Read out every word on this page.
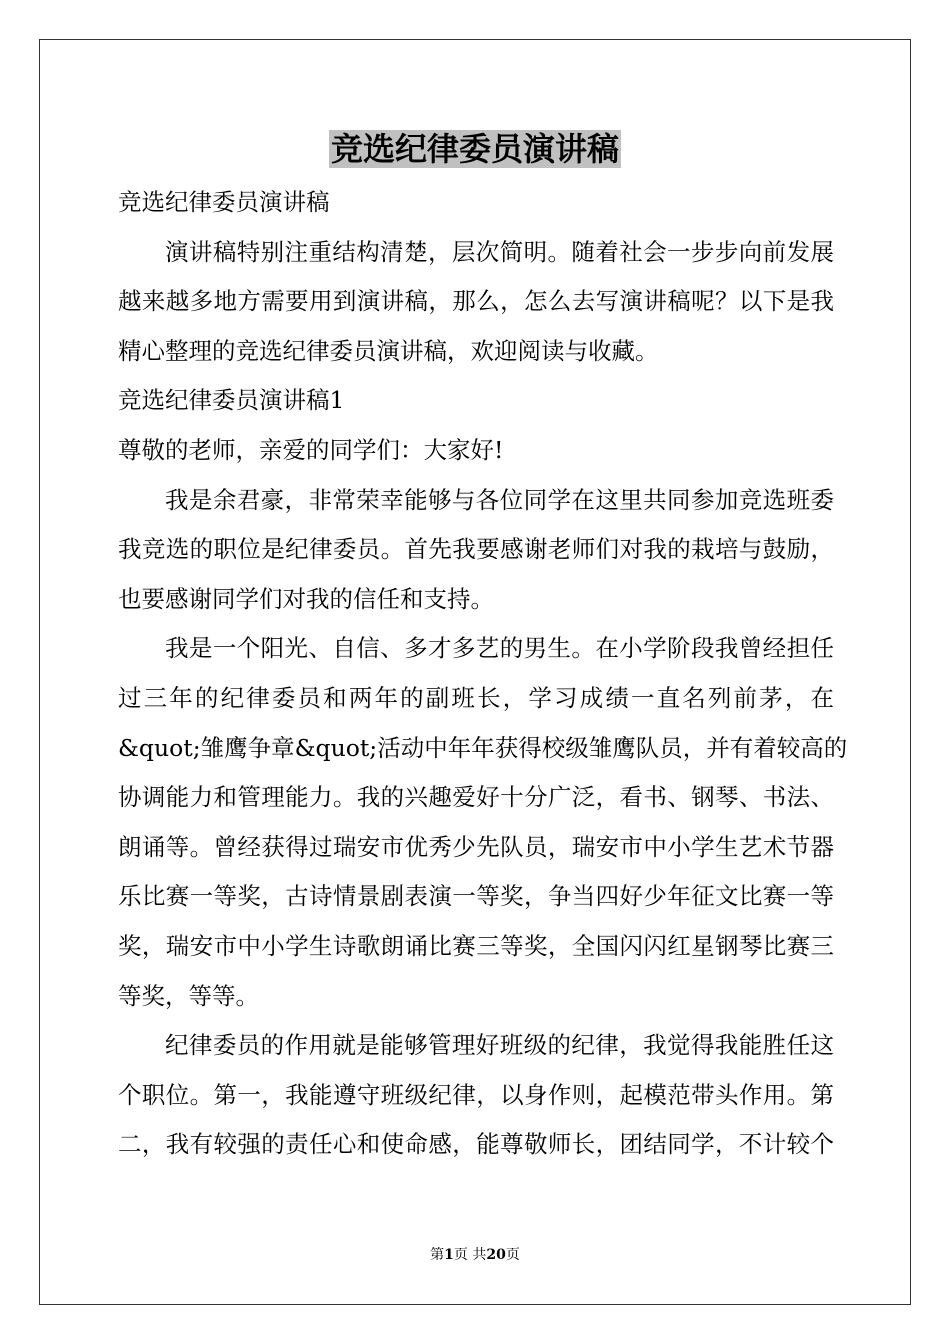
竞选纪律委员演讲稿
竞选纪律委员演讲稿
演讲稿特别注重结构清楚，层次简明。随着社会一步步向前发展
越来越多地方需要用到演讲稿，那么，怎么去写演讲稿呢？以下是我
精心整理的竞选纪律委员演讲稿，欢迎阅读与收藏。
竞选纪律委员演讲稿1
尊敬的老师，亲爱的同学们：大家好!
我是余君豪，非常荣幸能够与各位同学在这里共同参加竞选班委
我竞选的职位是纪律委员。首先我要感谢老师们对我的栽培与鼓励，
也要感谢同学们对我的信任和支持。
我是一个阳光、自信、多才多艺的男生。在小学阶段我曾经担任
过三年的纪律委员和两年的副班长，学习成绩一直名列前茅，在
&quot;雏鹰争章&quot;活动中年年获得校级雏鹰队员，并有着较高的
协调能力和管理能力。我的兴趣爱好十分广泛，看书、钢琴、书法、
朗诵等。曾经获得过瑞安市优秀少先队员，瑞安市中小学生艺术节器
乐比赛一等奖，古诗情景剧表演一等奖，争当四好少年征文比赛一等
奖，瑞安市中小学生诗歌朗诵比赛三等奖，全国闪闪红星钢琴比赛三
等奖，等等。
纪律委员的作用就是能够管理好班级的纪律，我觉得我能胜任这
个职位。第一，我能遵守班级纪律，以身作则，起模范带头作用。第
二，我有较强的责任心和使命感，能尊敬师长，团结同学，不计较个
第1页 共20页
